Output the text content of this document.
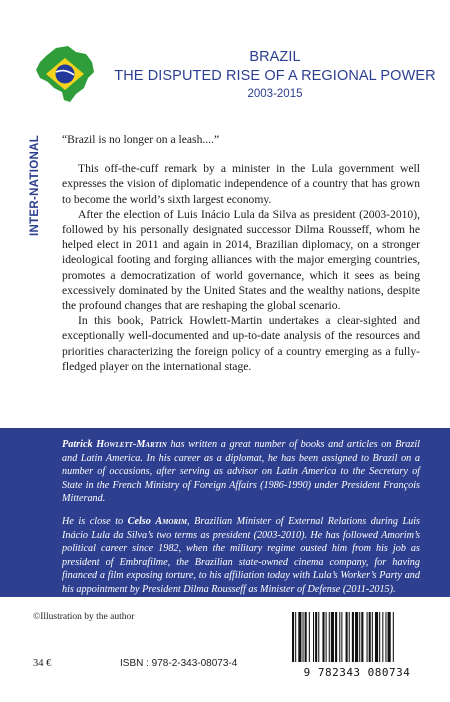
INTER-NATIONAL
BRAZIL
THE DISPUTED RISE OF A REGIONAL POWER
2003-2015

“Brazil is no longer on a leash....”

This off-the-cuff remark by a minister in the Lula government well expresses the vision of diplomatic independence of a country that has grown to become the world’s sixth largest economy.

After the election of Luis Inácio Lula da Silva as president (2003-2010), followed by his personally designated successor Dilma Rousseff, whom he helped elect in 2011 and again in 2014, Brazilian diplomacy, on a stronger ideological footing and forging alliances with the major emerging countries, promotes a democratization of world governance, which it sees as being excessively dominated by the United States and the wealthy nations, despite the profound changes that are reshaping the global scenario.

In this book, Patrick Howlett-Martin undertakes a clear-sighted and exceptionally well-documented and up-to-date analysis of the resources and priorities characterizing the foreign policy of a country emerging as a fully-fledged player on the international stage.

Patrick Howlett-Martin has written a great number of books and articles on Brazil and Latin America. In his career as a diplomat, he has been assigned to Brazil on a number of occasions, after serving as advisor on Latin America to the Secretary of State in the French Ministry of Foreign Affairs (1986-1990) under President François Mitterand.

He is close to Celso Amorim, Brazilian Minister of External Relations during Luis Inácio Lula da Silva’s two terms as president (2003-2010). He has followed Amorim’s political career since 1982, when the military regime ousted him from his job as president of Embrafilme, the Brazilian state-owned cinema company, for having financed a film exposing torture, to his affiliation today with Lula’s Worker’s Party and his appointment by President Dilma Rousseff as Minister of Defense (2011-2015).

©Illustration by the author
34 €	ISBN : 978-2-343-08073-4
9 782343 080734
